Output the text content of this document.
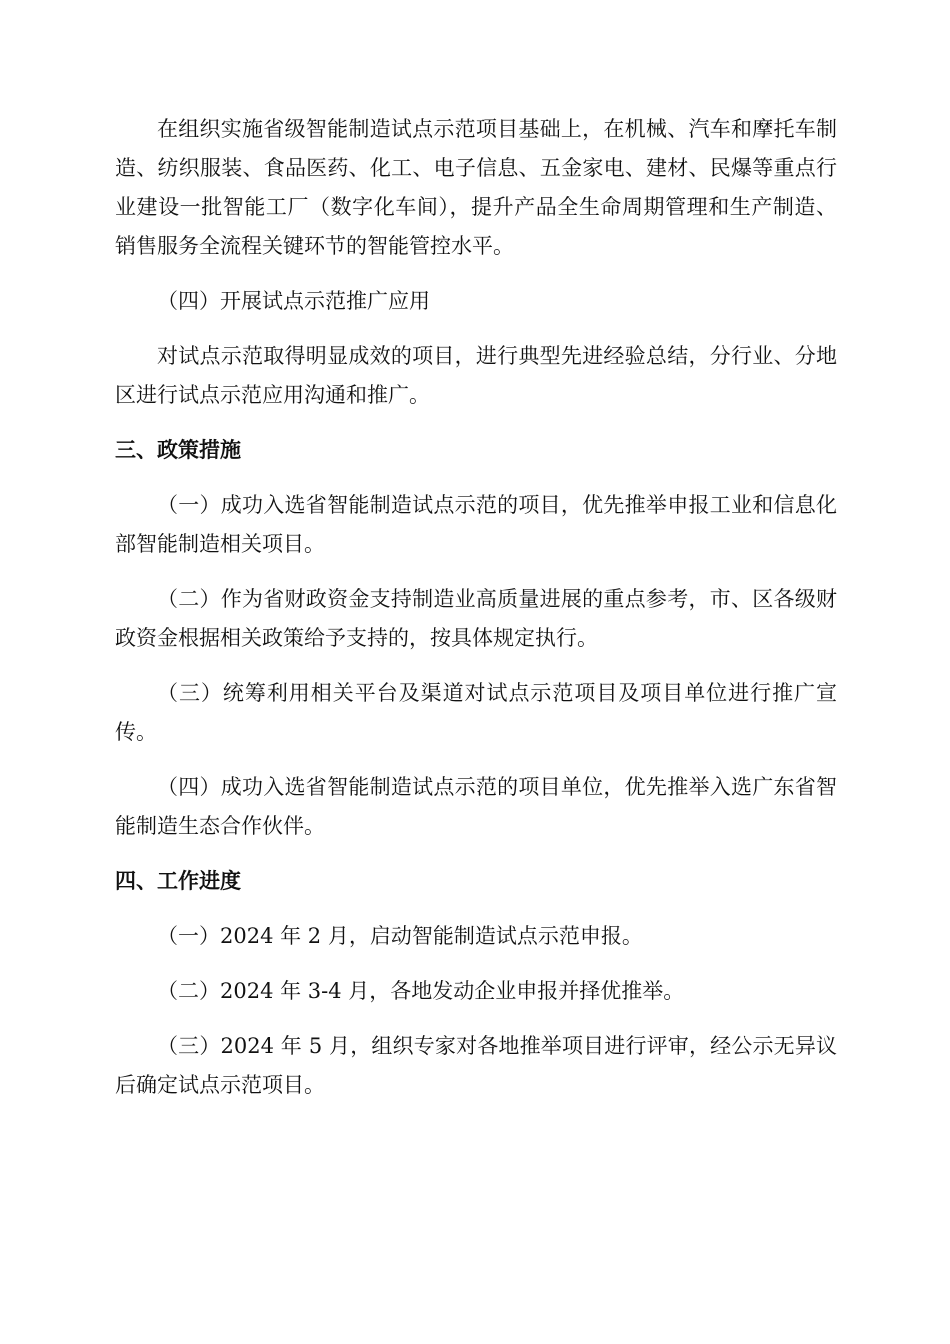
在组织实施省级智能制造试点示范项目基础上，在机械、汽车和摩托车制造、纺织服装、食品医药、化工、电子信息、五金家电、建材、民爆等重点行业建设一批智能工厂（数字化车间），提升产品全生命周期管理和生产制造、销售服务全流程关键环节的智能管控水平。

（四）开展试点示范推广应用

对试点示范取得明显成效的项目，进行典型先进经验总结，分行业、分地区进行试点示范应用沟通和推广。

三、政策措施

（一）成功入选省智能制造试点示范的项目，优先推举申报工业和信息化部智能制造相关项目。

（二）作为省财政资金支持制造业高质量进展的重点参考，市、区各级财政资金根据相关政策给予支持的，按具体规定执行。

（三）统筹利用相关平台及渠道对试点示范项目及项目单位进行推广宣传。

（四）成功入选省智能制造试点示范的项目单位，优先推举入选广东省智能制造生态合作伙伴。

四、工作进度

（一）2024 年 2 月，启动智能制造试点示范申报。

（二）2024 年 3-4 月，各地发动企业申报并择优推举。

（三）2024 年 5 月，组织专家对各地推举项目进行评审，经公示无异议后确定试点示范项目。
